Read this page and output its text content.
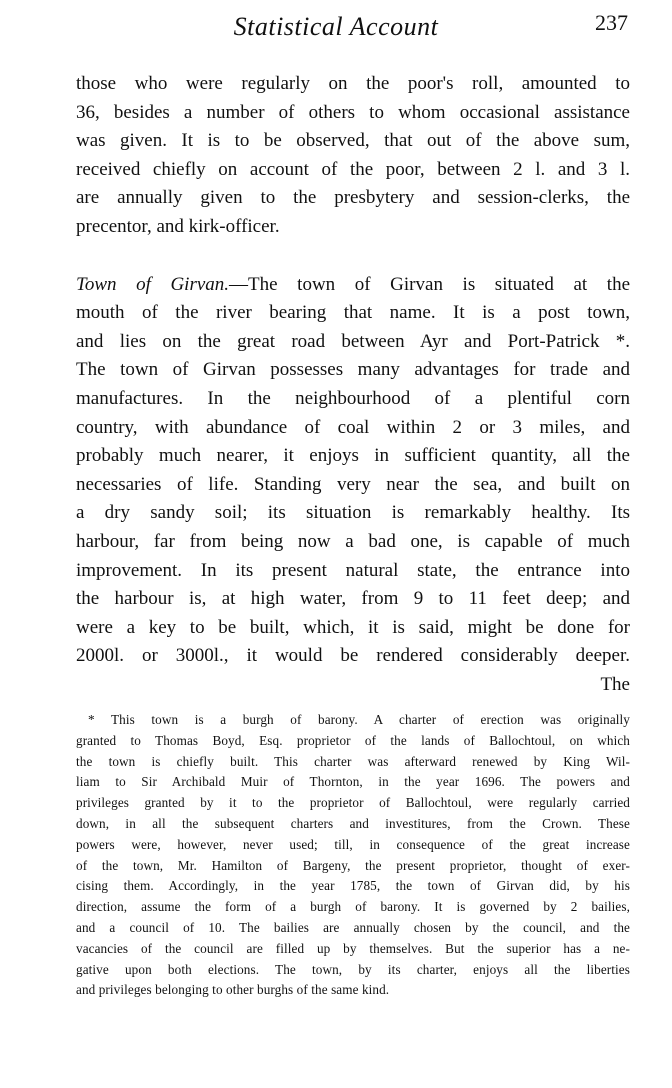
Statistical Account	237

those who were regularly on the poor's roll, amounted to
36, besides a number of others to whom occasional assistance
was given. It is to be observed, that out of the above sum,
received chiefly on account of the poor, between 2 l. and 3 l.
are annually given to the presbytery and session-clerks, the
precentor, and kirk-officer.

Town of Girvan.—The town of Girvan is situated at the
mouth of the river bearing that name. It is a post town,
and lies on the great road between Ayr and Port-Patrick *.
The town of Girvan possesses many advantages for trade and
manufactures. In the neighbourhood of a plentiful corn
country, with abundance of coal within 2 or 3 miles, and
probably much nearer, it enjoys in sufficient quantity, all the
necessaries of life. Standing very near the sea, and built on
a dry sandy soil; its situation is remarkably healthy. Its
harbour, far from being now a bad one, is capable of much
improvement. In its present natural state, the entrance into
the harbour is, at high water, from 9 to 11 feet deep; and
were a key to be built, which, it is said, might be done for
2000l. or 3000l., it would be rendered considerably deeper.
The

* This town is a burgh of barony. A charter of erection was originally
granted to Thomas Boyd, Esq. proprietor of the lands of Ballochtoul, on which
the town is chiefly built. This charter was afterward renewed by King Wil-
liam to Sir Archibald Muir of Thornton, in the year 1696. The powers and
privileges granted by it to the proprietor of Ballochtoul, were regularly carried
down, in all the subsequent charters and investitures, from the Crown. These
powers were, however, never used; till, in consequence of the great increase
of the town, Mr. Hamilton of Bargeny, the present proprietor, thought of exer-
cising them. Accordingly, in the year 1785, the town of Girvan did, by his
direction, assume the form of a burgh of barony. It is governed by 2 bailies,
and a council of 10. The bailies are annually chosen by the council, and the
vacancies of the council are filled up by themselves. But the superior has a ne-
gative upon both elections. The town, by its charter, enjoys all the liberties
and privileges belonging to other burghs of the same kind.
